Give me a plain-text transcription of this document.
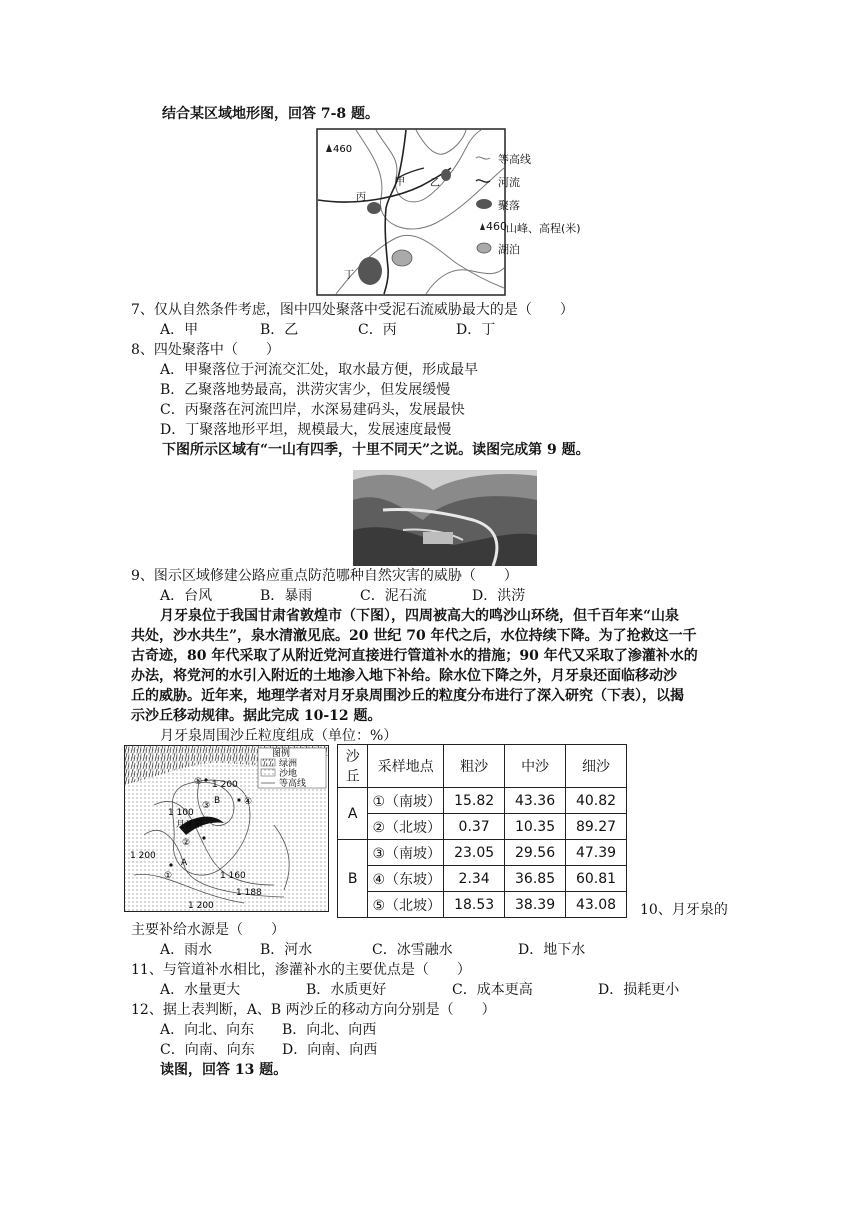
结合某区域地形图，回答 7-8 题。
460
甲	乙
丙
丁
等高线
河流
聚落
460 山峰、高程(米)
湖泊
7、仅从自然条件考虑，图中四处聚落中受泥石流威胁最大的是（　　）
A．甲	B．乙	C．丙	D．丁
8、四处聚落中（　　）
A．甲聚落位于河流交汇处，取水最方便，形成最早
B．乙聚落地势最高，洪涝灾害少，但发展缓慢
C．丙聚落在河流凹岸，水深易建码头，发展最快
D．丁聚落地形平坦，规模最大，发展速度最慢
下图所示区域有“一山有四季，十里不同天”之说。读图完成第 9 题。
9、图示区域修建公路应重点防范哪种自然灾害的威胁（　　）
A．台风	B．暴雨	C．泥石流	D．洪涝
月牙泉位于我国甘肃省敦煌市（下图），四周被高大的鸣沙山环绕，但千百年来“山泉
共处，沙水共生”，泉水清澈见底。20 世纪 70 年代之后，水位持续下降。为了抢救这一千
古奇迹，80 年代采取了从附近党河直接进行管道补水的措施；90 年代又采取了渗灌补水的
办法，将党河的水引入附近的土地渗入地下补给。除水位下降之外，月牙泉还面临移动沙
丘的威胁。近年来，地理学者对月牙泉周围沙丘的粒度分布进行了深入研究（下表），以揭
示沙丘移动规律。据此完成 10-12 题。
月牙泉周围沙丘粒度组成（单位：%）
⑤
④
③
②
①
B
A
月牙泉
1 200
1 100
1 200
1 160
1 188
1 200
图例
绿洲
沙地
等高线
沙丘	采样地点	粗沙	中沙	细沙
A	①（南坡）	15.82	43.36	40.82
	②（北坡）	0.37	10.35	89.27
B	③（南坡）	23.05	29.56	47.39
	④（东坡）	2.34	36.85	60.81
	⑤（北坡）	18.53	38.39	43.08 10、月牙泉的
主要补给水源是（　　）
A．雨水	B．河水	C．冰雪融水	D．地下水
11、与管道补水相比，渗灌补水的主要优点是（　　）
A．水量更大	B．水质更好	C．成本更高	D．损耗更小
12、据上表判断，A、B 两沙丘的移动方向分别是（　　）
A．向北、向东 B．向北、向西
C．向南、向东 D．向南、向西
读图，回答 13 题。
